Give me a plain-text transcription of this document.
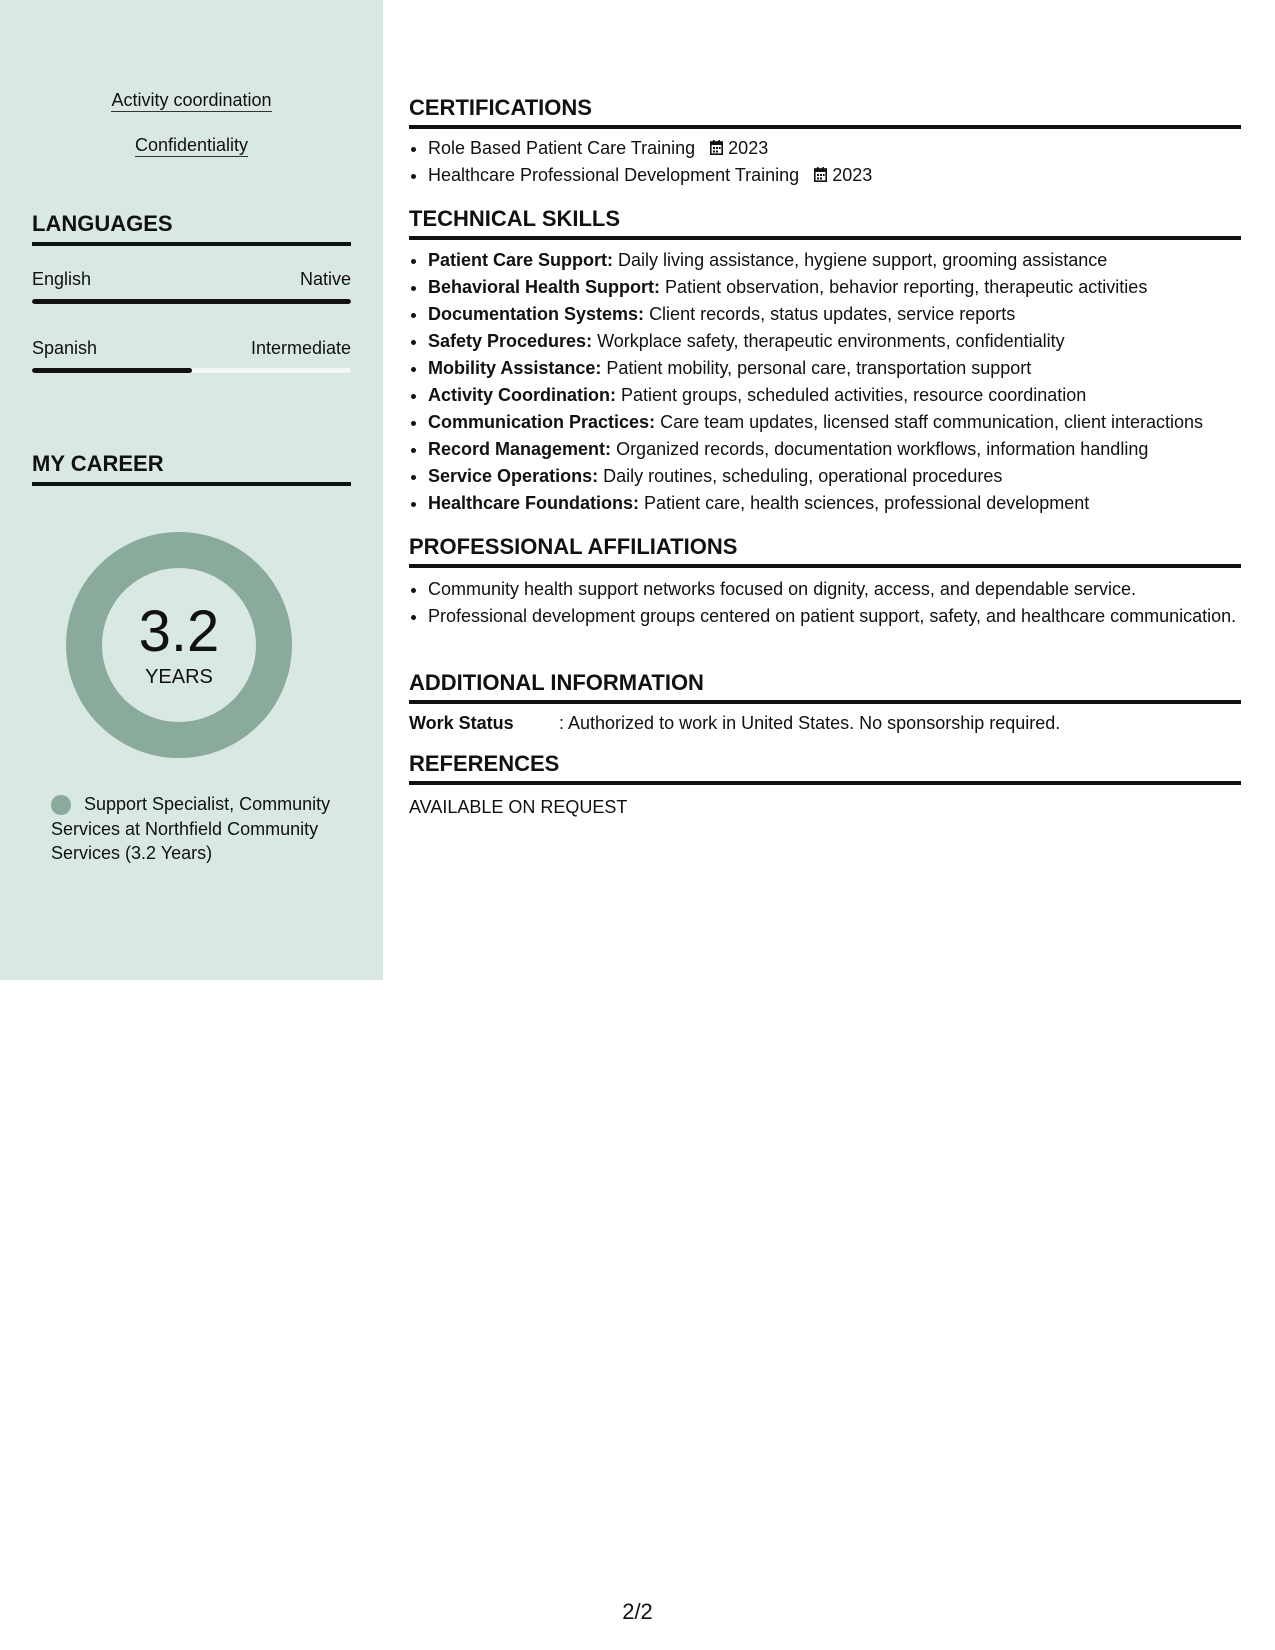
Activity coordination
Confidentiality
LANGUAGES
English	Native
Spanish	Intermediate
MY CAREER
3.2
YEARS
Support Specialist, Community Services at Northfield Community Services (3.2 Years)
CERTIFICATIONS
• Role Based Patient Care Training 2023
• Healthcare Professional Development Training 2023
TECHNICAL SKILLS
• Patient Care Support: Daily living assistance, hygiene support, grooming assistance
• Behavioral Health Support: Patient observation, behavior reporting, therapeutic activities
• Documentation Systems: Client records, status updates, service reports
• Safety Procedures: Workplace safety, therapeutic environments, confidentiality
• Mobility Assistance: Patient mobility, personal care, transportation support
• Activity Coordination: Patient groups, scheduled activities, resource coordination
• Communication Practices: Care team updates, licensed staff communication, client interactions
• Record Management: Organized records, documentation workflows, information handling
• Service Operations: Daily routines, scheduling, operational procedures
• Healthcare Foundations: Patient care, health sciences, professional development
PROFESSIONAL AFFILIATIONS
• Community health support networks focused on dignity, access, and dependable service.
• Professional development groups centered on patient support, safety, and healthcare communication.
ADDITIONAL INFORMATION
Work Status	: Authorized to work in United States. No sponsorship required.
REFERENCES
AVAILABLE ON REQUEST
2/2
